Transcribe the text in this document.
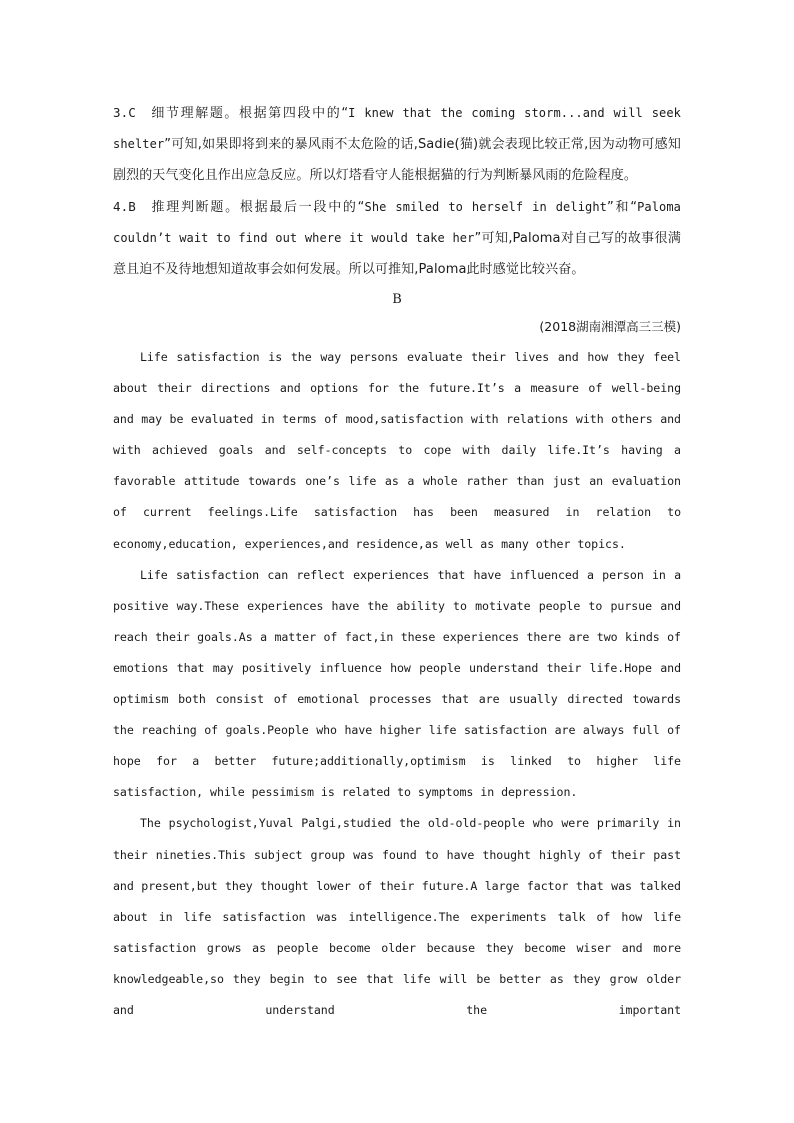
3.C 细节理解题。根据第四段中的“I knew that the coming storm...and will seek shelter”可知,如果即将到来的暴风雨不太危险的话,Sadie(猫)就会表现比较正常,因为动物可感知剧烈的天气变化且作出应急反应。所以灯塔看守人能根据猫的行为判断暴风雨的危险程度。

4.B 推理判断题。根据最后一段中的“She smiled to herself in delight”和“Paloma couldn’t wait to find out where it would take her”可知,Paloma对自己写的故事很满意且迫不及待地想知道故事会如何发展。所以可推知,Paloma此时感觉比较兴奋。

B

(2018湖南湘潭高三三模)

Life satisfaction is the way persons evaluate their lives and how they feel about their directions and options for the future.It’s a measure of well-being and may be evaluated in terms of mood,satisfaction with relations with others and with achieved goals and self-concepts to cope with daily life.It’s having a favorable attitude towards one’s life as a whole rather than just an evaluation of current feelings.Life satisfaction has been measured in relation to economy,education, experiences,and residence,as well as many other topics.

Life satisfaction can reflect experiences that have influenced a person in a positive way.These experiences have the ability to motivate people to pursue and reach their goals.As a matter of fact,in these experiences there are two kinds of emotions that may positively influence how people understand their life.Hope and optimism both consist of emotional processes that are usually directed towards the reaching of goals.People who have higher life satisfaction are always full of hope for a better future;additionally,optimism is linked to higher life satisfaction, while pessimism is related to symptoms in depression.

The psychologist,Yuval Palgi,studied the old-old-people who were primarily in their nineties.This subject group was found to have thought highly of their past and present,but they thought lower of their future.A large factor that was talked about in life satisfaction was intelligence.The experiments talk of how life satisfaction grows as people become older because they become wiser and more knowledgeable,so they begin to see that life will be better as they grow older and understand the important
